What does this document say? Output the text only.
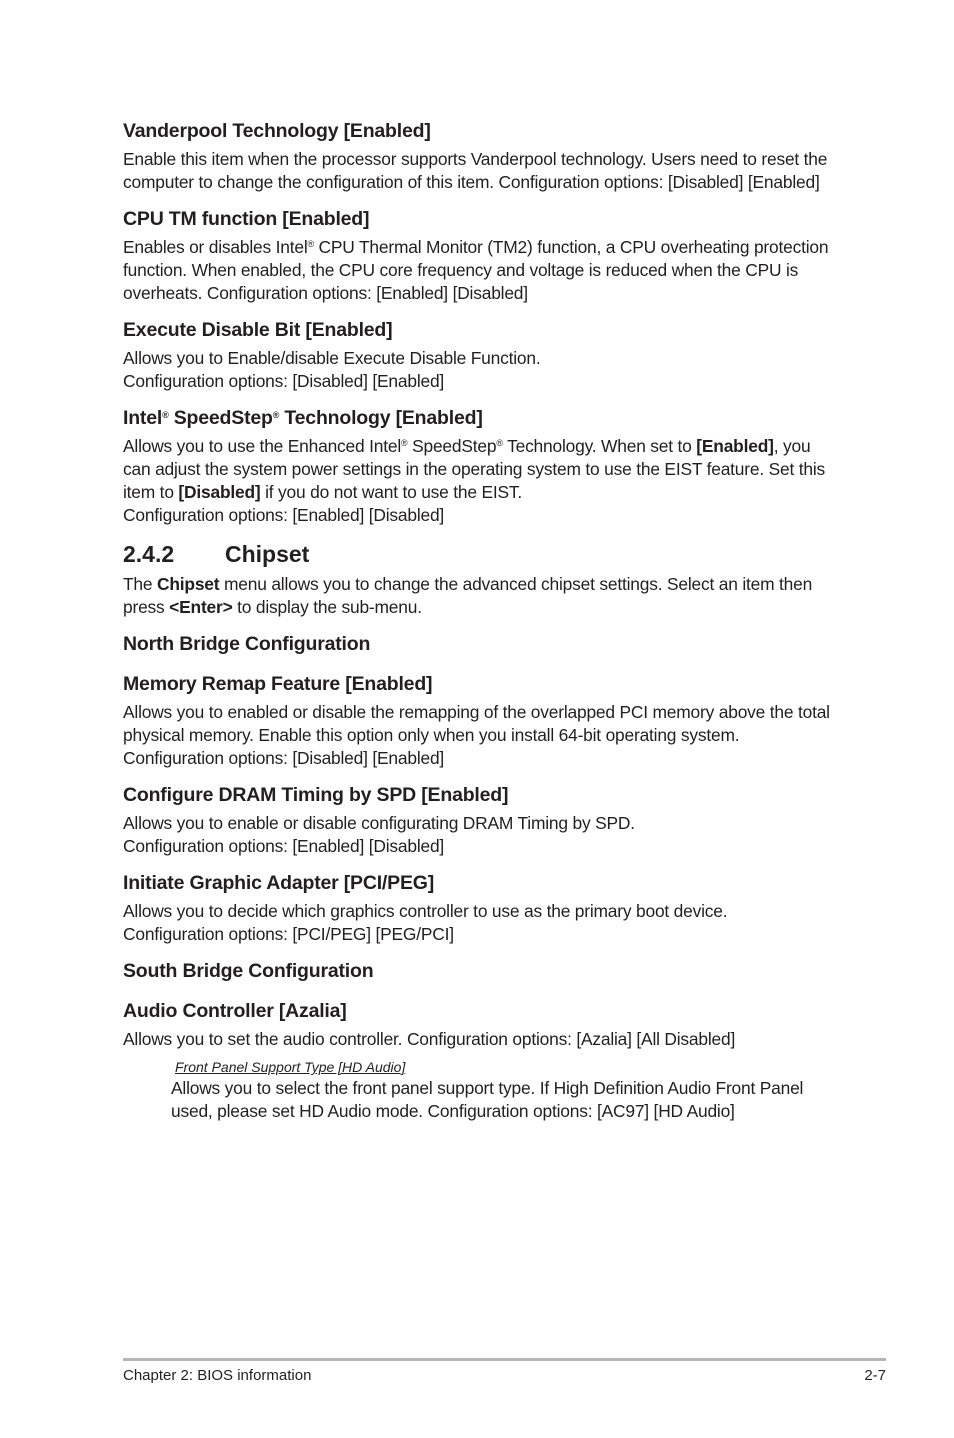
Vanderpool Technology [Enabled]

Enable this item when the processor supports Vanderpool technology. Users need to reset the computer to change the configuration of this item. Configuration options: [Disabled] [Enabled]

CPU TM function [Enabled]

Enables or disables Intel® CPU Thermal Monitor (TM2) function, a CPU overheating protection function. When enabled, the CPU core frequency and voltage is reduced when the CPU is overheats. Configuration options: [Enabled] [Disabled]

Execute Disable Bit [Enabled]

Allows you to Enable/disable Execute Disable Function.
Configuration options: [Disabled] [Enabled]

Intel® SpeedStep® Technology [Enabled]

Allows you to use the Enhanced Intel® SpeedStep® Technology. When set to [Enabled], you can adjust the system power settings in the operating system to use the EIST feature. Set this item to [Disabled] if you do not want to use the EIST.
Configuration options: [Enabled] [Disabled]

2.4.2 Chipset

The Chipset menu allows you to change the advanced chipset settings. Select an item then press <Enter> to display the sub-menu.

North Bridge Configuration
Memory Remap Feature [Enabled]

Allows you to enabled or disable the remapping of the overlapped PCI memory above the total physical memory. Enable this option only when you install 64-bit operating system.
Configuration options: [Disabled] [Enabled]

Configure DRAM Timing by SPD [Enabled]

Allows you to enable or disable configurating DRAM Timing by SPD.
Configuration options: [Enabled] [Disabled]

Initiate Graphic Adapter [PCI/PEG]

Allows you to decide which graphics controller to use as the primary boot device.
Configuration options: [PCI/PEG] [PEG/PCI]

South Bridge Configuration
Audio Controller [Azalia]

Allows you to set the audio controller. Configuration options: [Azalia] [All Disabled]

Front Panel Support Type [HD Audio]

Allows you to select the front panel support type. If High Definition Audio Front Panel used, please set HD Audio mode. Configuration options: [AC97] [HD Audio]

Chapter 2: BIOS information	2-7
